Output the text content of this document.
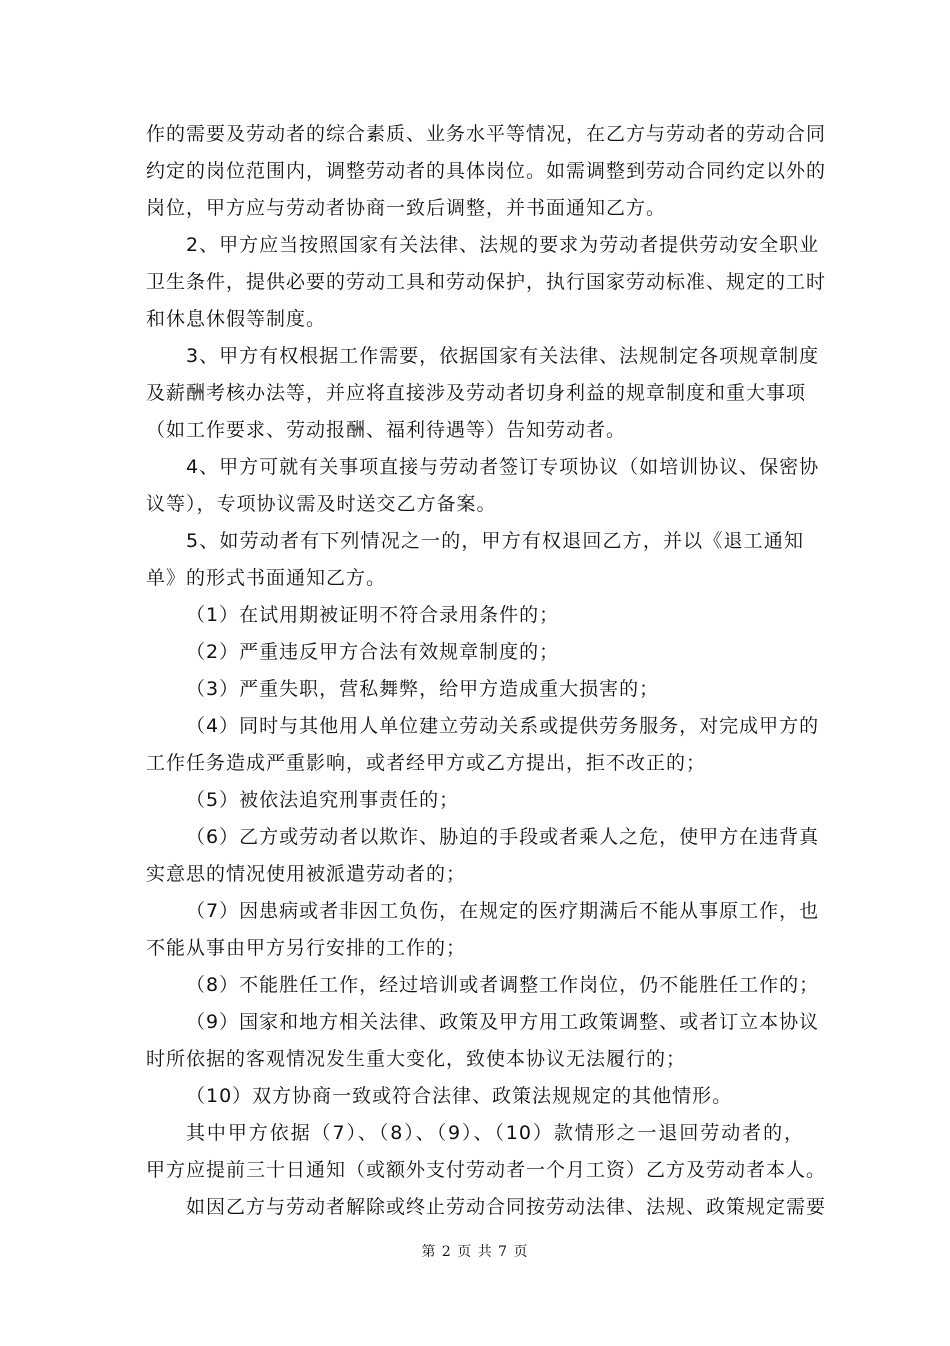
作的需要及劳动者的综合素质、业务水平等情况，在乙方与劳动者的劳动合同
约定的岗位范围内，调整劳动者的具体岗位。如需调整到劳动合同约定以外的
岗位，甲方应与劳动者协商一致后调整，并书面通知乙方。
2、甲方应当按照国家有关法律、法规的要求为劳动者提供劳动安全职业
卫生条件，提供必要的劳动工具和劳动保护，执行国家劳动标准、规定的工时
和休息休假等制度。
3、甲方有权根据工作需要，依据国家有关法律、法规制定各项规章制度
及薪酬考核办法等，并应将直接涉及劳动者切身利益的规章制度和重大事项
（如工作要求、劳动报酬、福利待遇等）告知劳动者。
4、甲方可就有关事项直接与劳动者签订专项协议（如培训协议、保密协
议等），专项协议需及时送交乙方备案。
5、如劳动者有下列情况之一的，甲方有权退回乙方，并以《退工通知
单》的形式书面通知乙方。
（1）在试用期被证明不符合录用条件的；
（2）严重违反甲方合法有效规章制度的；
（3）严重失职，营私舞弊，给甲方造成重大损害的；
（4）同时与其他用人单位建立劳动关系或提供劳务服务，对完成甲方的
工作任务造成严重影响，或者经甲方或乙方提出，拒不改正的；
（5）被依法追究刑事责任的；
（6）乙方或劳动者以欺诈、胁迫的手段或者乘人之危，使甲方在违背真
实意思的情况使用被派遣劳动者的；
（7）因患病或者非因工负伤，在规定的医疗期满后不能从事原工作，也
不能从事由甲方另行安排的工作的；
（8）不能胜任工作，经过培训或者调整工作岗位，仍不能胜任工作的；
（9）国家和地方相关法律、政策及甲方用工政策调整、或者订立本协议
时所依据的客观情况发生重大变化，致使本协议无法履行的；
（10）双方协商一致或符合法律、政策法规规定的其他情形。
其中甲方依据（7）、（8）、（9）、（10）款情形之一退回劳动者的，
甲方应提前三十日通知（或额外支付劳动者一个月工资）乙方及劳动者本人。
如因乙方与劳动者解除或终止劳动合同按劳动法律、法规、政策规定需要
第 2 页 共 7 页
